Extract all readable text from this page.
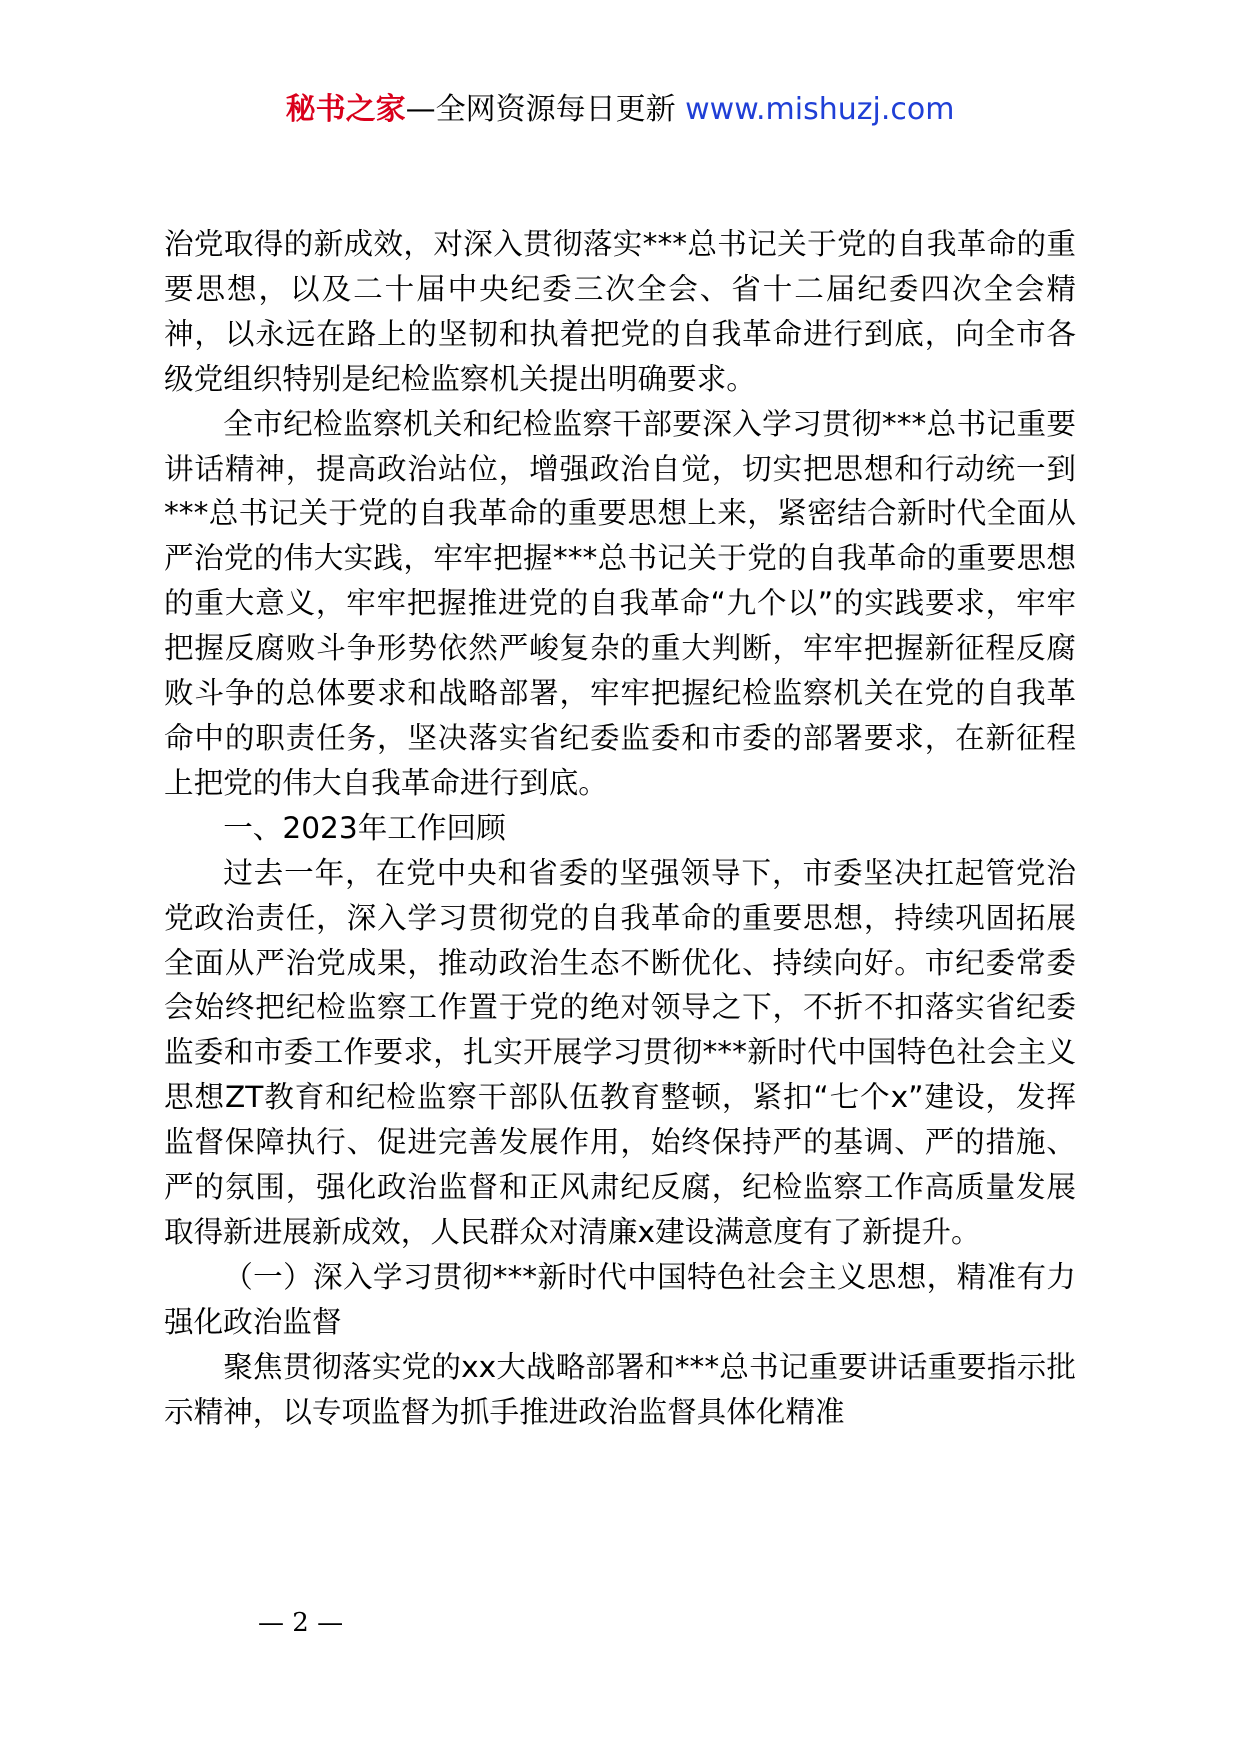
秘书之家—全网资源每日更新 www.mishuzj.com

治党取得的新成效，对深入贯彻落实***总书记关于党的自我革命的重要思想，以及二十届中央纪委三次全会、省十二届纪委四次全会精神，以永远在路上的坚韧和执着把党的自我革命进行到底，向全市各级党组织特别是纪检监察机关提出明确要求。

全市纪检监察机关和纪检监察干部要深入学习贯彻***总书记重要讲话精神，提高政治站位，增强政治自觉，切实把思想和行动统一到***总书记关于党的自我革命的重要思想上来，紧密结合新时代全面从严治党的伟大实践，牢牢把握***总书记关于党的自我革命的重要思想的重大意义，牢牢把握推进党的自我革命“九个以”的实践要求，牢牢把握反腐败斗争形势依然严峻复杂的重大判断，牢牢把握新征程反腐败斗争的总体要求和战略部署，牢牢把握纪检监察机关在党的自我革命中的职责任务，坚决落实省纪委监委和市委的部署要求，在新征程上把党的伟大自我革命进行到底。

一、2023年工作回顾

过去一年，在党中央和省委的坚强领导下，市委坚决扛起管党治党政治责任，深入学习贯彻党的自我革命的重要思想，持续巩固拓展全面从严治党成果，推动政治生态不断优化、持续向好。市纪委常委会始终把纪检监察工作置于党的绝对领导之下，不折不扣落实省纪委监委和市委工作要求，扎实开展学习贯彻***新时代中国特色社会主义思想ZT教育和纪检监察干部队伍教育整顿，紧扣“七个x”建设，发挥监督保障执行、促进完善发展作用，始终保持严的基调、严的措施、严的氛围，强化政治监督和正风肃纪反腐，纪检监察工作高质量发展取得新进展新成效，人民群众对清廉x建设满意度有了新提升。

（一）深入学习贯彻***新时代中国特色社会主义思想，精准有力强化政治监督

聚焦贯彻落实党的xx大战略部署和***总书记重要讲话重要指示批示精神，以专项监督为抓手推进政治监督具体化精准

— 2 —
